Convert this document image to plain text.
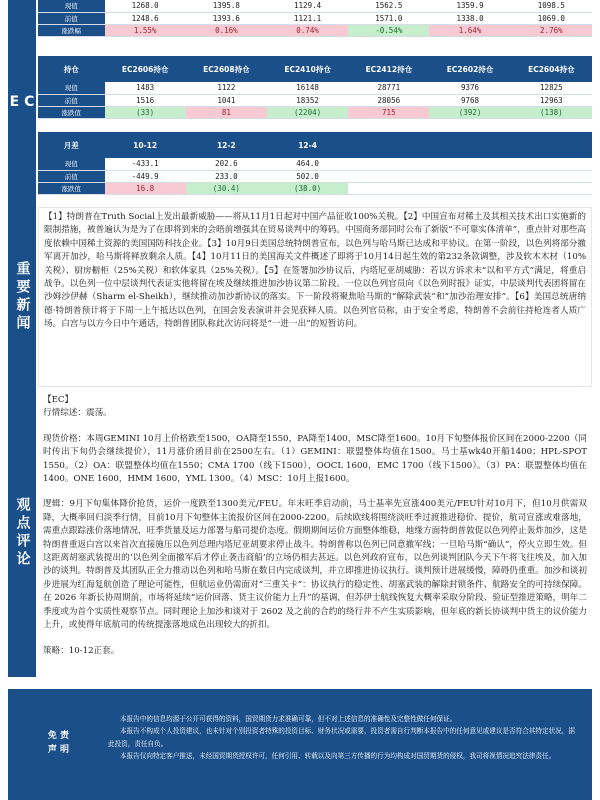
E C
重要新闻
观点评论
现值	1268.0	1395.8	1129.4	1562.5	1359.9	1098.5
前值	1248.6	1393.6	1121.1	1571.0	1338.0	1069.0
涨跌幅	1.55%	0.16%	0.74%	-0.54%	1.64%	2.76%
持仓	EC2606持仓	EC2608持仓	EC2410持仓	EC2412持仓	EC2602持仓	EC2604持仓
现值	1483	1122	16148	28771	9376	12825
前值	1516	1041	18352	28056	9768	12963
涨跌值	(33)	81	(2204)	715	(392)	(138)
月差	10-12	12-2	12-4			
现值	-433.1	202.6	464.0			
前值	-449.9	233.0	502.0			
涨跌值	16.8	(30.4)	(38.0)			
【1】特朗普在Truth Social上发出最新威胁——将从11月1日起对中国产品征收100%关税。【2】中国宣布对稀土及其相关技术出口实施新的限制措施，被普遍认为是为了在即将到来的会晤前增强其在贸易谈判中的筹码。中国商务部同时公布了新版“不可靠实体清单”，重点针对那些高度依赖中国稀土资源的美国国防科技企业。【3】10月9日美国总统特朗普宣布，以色列与哈马斯已达成和平协议。在第一阶段，以色列将部分撤军离开加沙，哈马斯将释放剩余人质。【4】10月11日的美国海关文件概述了即将于10月14日起生效的第232条款调整，涉及软木木材（10%关税）、厨房橱柜（25%关税）和软体家具（25%关税）。【5】在签署加沙协议后，内塔尼亚胡威胁：若以方诉求未“以和平方式”满足，将重启战争。以色列一位中层谈判代表证实他将留在埃及继续推进加沙协议第二阶段。一位以色列官员向《以色列时报》证实，中层谈判代表团将留在沙姆沙伊赫（Sharm el-Sheikh），继续推动加沙新协议的落实。下一阶段将聚焦哈马斯的“解除武装”和“加沙治理安排”。【6】美国总统唐纳德·特朗普预计将于下周一上午抵达以色列，在国会发表演讲并会见获释人质。以色列官员称，由于安全考虑，特朗普不会前往持枪连者人质广场。白宫与以方今日中午通话，特朗普团队称此次访问将是“一进一出”的短暂访问。

【EC】

行情综述：震荡。

现货价格：本周GEMINI 10月上价格跌至1500，OA降至1550，PA降至1400，MSC降至1600。10月下旬整体报价区间在2000-2200（同时传出下旬仍会继续提价），11月涨价函目前在2500左右。（1）GEMINI：联盟整体均值在1500。马士基wk40开船1400；HPL-SPOT 1550。（2）OA：联盟整体均值在1550；CMA 1700（线下1500），OOCL 1600，EMC 1700（线下1500）。（3）PA：联盟整体均值在1400。ONE 1600，HMM 1600，YML 1300。（4）MSC：10月上报1600。

逻辑：9月下旬集体降价抢货，运价一度跌至1300美元/FEU。年末旺季启动前，马士基率先宣涨400美元/FEU针对10月下，但10月供需双降，大概率回归淡季行情，目前10月下旬整体主流报价区间在2000-2200。后续欧线将围绕淡旺季过渡推进稳价、提价，航司宣涨或难落地，需重点跟踪涨价落地情况，旺季货量及运力部署与船司提价态度。假期期间运价方面整体维稳，地缘方面特朗普敦促以色列停止轰炸加沙，这是特朗普重返白宫以来首次直接施压以色列总理内塔尼亚胡要求停止战斗。特朗普称以色列已同意撤军线；一旦哈马斯“确认”，停火立即生效。但这距离胡塞武装提出的‘以色列全面撤军后才停止袭击商船’的立场仍相去甚远。以色列政府宣布，以色列谈判团队今天下午将飞往埃及，加入加沙的谈判。特朗普及其团队正全力推动以色列和哈马斯在数日内完成谈判，并立即推进协议执行。谈判预计进展缓慢，障碍仍重重。加沙和谈初步进展为红海复航创造了理论可能性，但航运业仍需面对“三重关卡”：协议执行的稳定性、胡塞武装的解除封锁条件、航路安全的可持续保障。在 2026 年新长协周期前，市场将延续“运价回落、货主议价能力上升”的基调，但苏伊士航线恢复大概率采取分阶段、验证型推进策略，明年二季度或为首个实质性观察节点。同时理论上加沙和谈对于 2602 及之前的合约的绕行并不产生实质影响，但年底的新长协谈判中货主的议价能力上升，或使得年底航司的传统提涨落地成色出现较大的折扣。

策略：10-12正套。

免 责
声 明
本报告中的信息均源于公开可获得的资料，国贸期货力求准确可靠，但不对上述信息的准确性及完整性做任何保证。
本报告不构成个人投资建议，也未针对个别投资者特殊的投资目标、财务状况或需要，投资者需自行判断本报告中的任何意见或建议是否符合其特定状况，据此投资，责任自负。
本报告仅向特定客户推送，未经国贸期货授权许可，任何引用、转载以及向第三方传播的行为均构成对国贸期货的侵权，我司将视情况追究法律责任。
